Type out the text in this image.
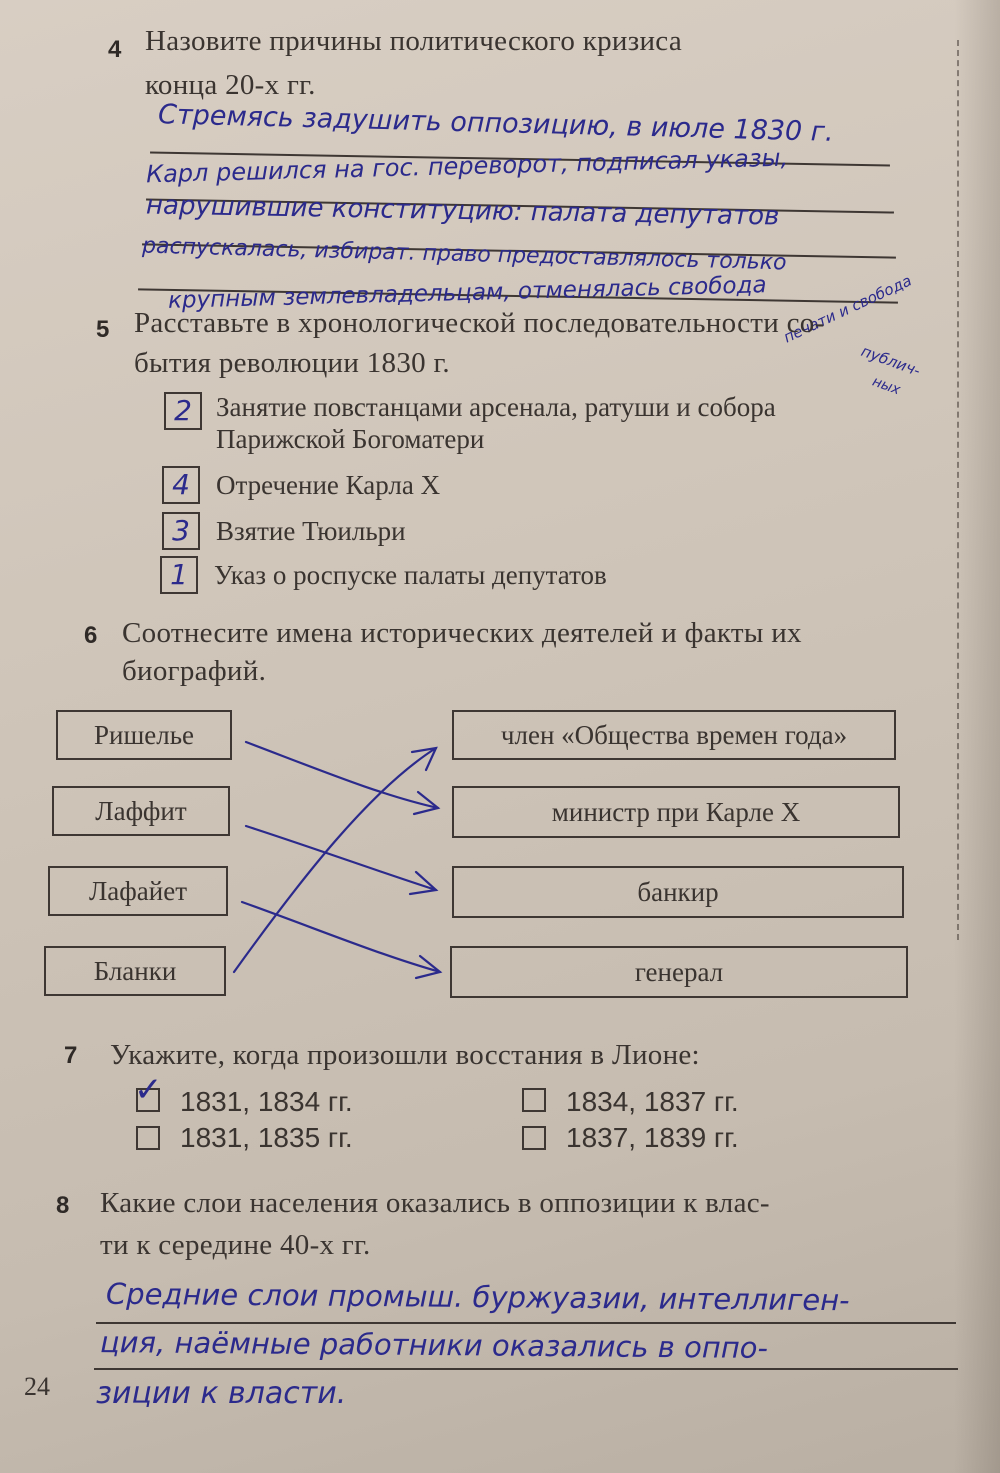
4 Назовите причины политического кризиса
конца 20-х гг.
Стремясь задушить оппозицию, в июле 1830 г.
Карл решился на гос. переворот, подписал указы,
нарушившие конституцию: палата депутатов
распускалась, избират. право предоставлялось только
крупным землевладельцам, отменялась свобода печати и свобода
публич-
ных
5 Расставьте в хронологической последовательности со-
бытия революции 1830 г.
2 Занятие повстанцами арсенала, ратуши и собора
Парижской Богоматери
4 Отречение Карла X
3 Взятие Тюильри
1 Указ о роспуске палаты депутатов
6 Соотнесите имена исторических деятелей и факты их
биографий.
Ришелье
Лаффит
Лафайет
Бланки
член «Общества времен года»
министр при Карле X
банкир
генерал
7 Укажите, когда произошли восстания в Лионе:
✓ 1831, 1834 гг.
1831, 1835 гг.
1834, 1837 гг.
1837, 1839 гг.
8 Какие слои населения оказались в оппозиции к влас-
ти к середине 40-х гг.
Средние слои промыш. буржуазии, интеллиген-
ция, наёмные работники оказались в оппо-
зиции к власти.
24
